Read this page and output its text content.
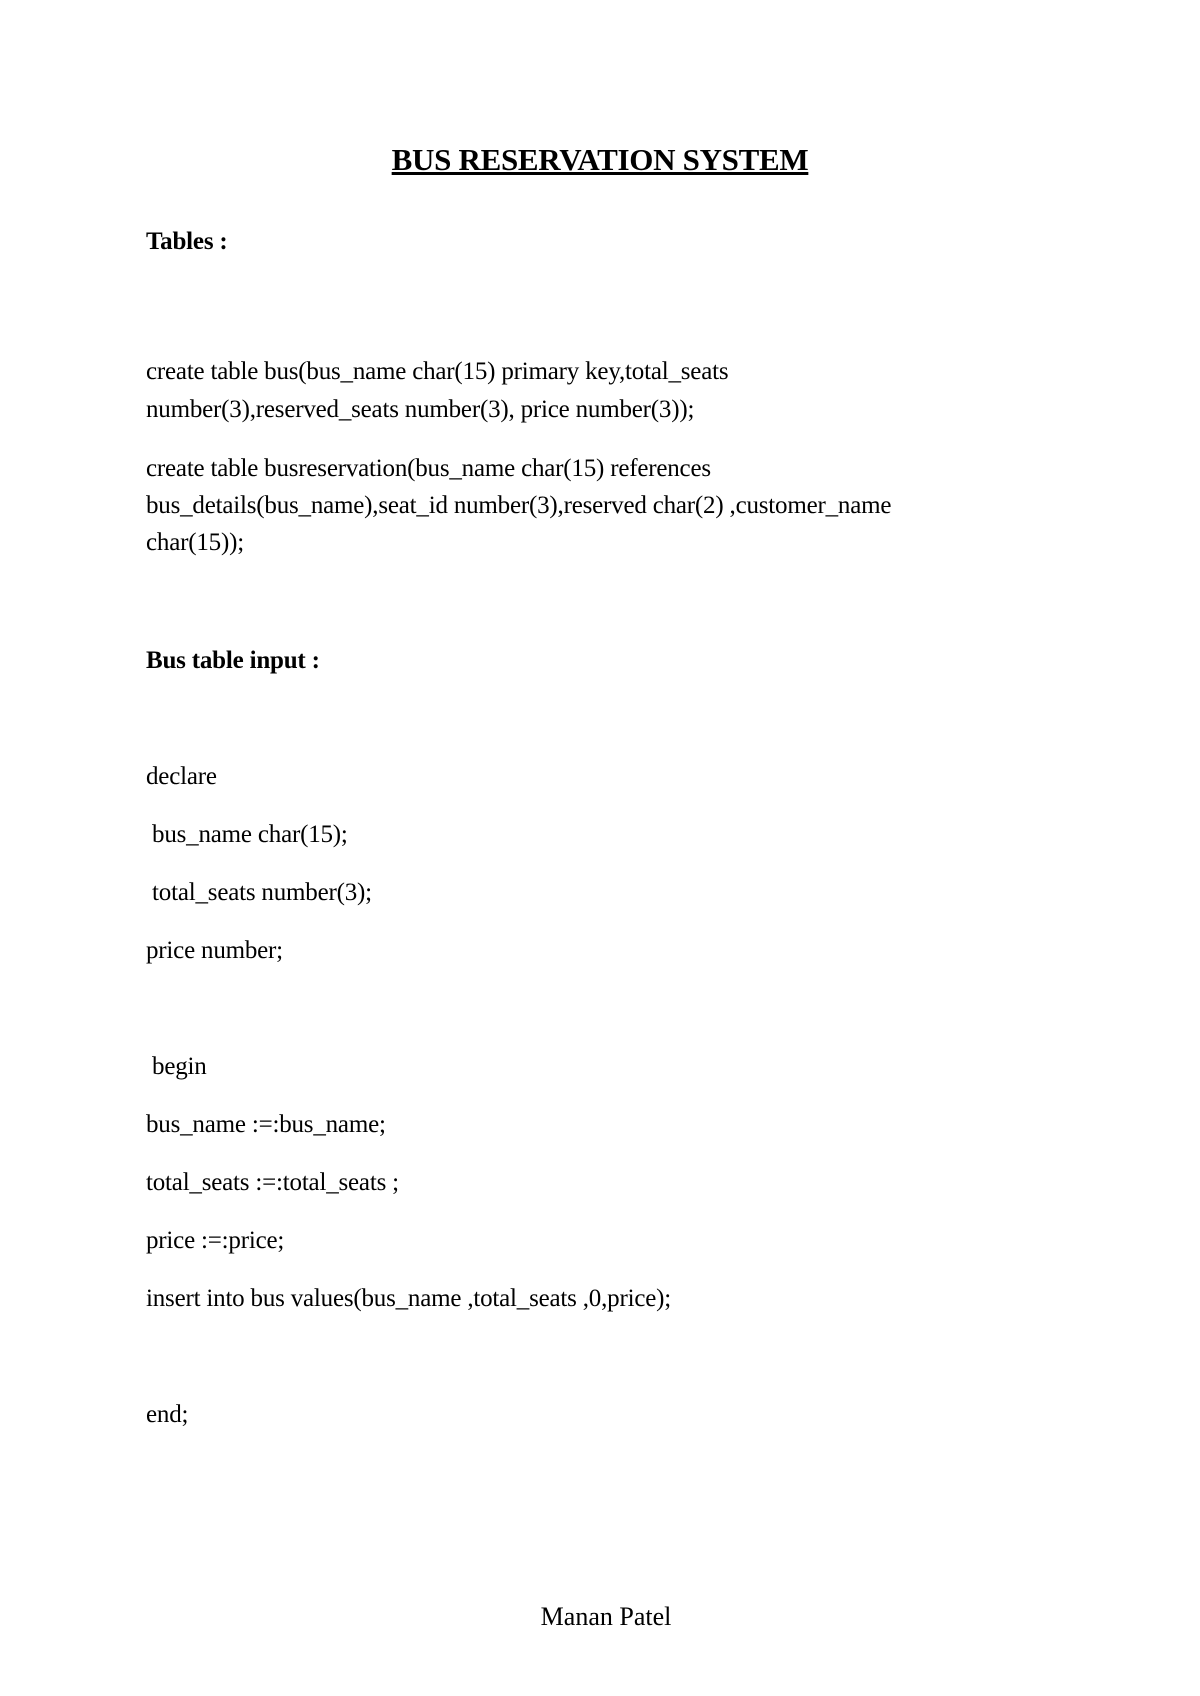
BUS RESERVATION SYSTEM
Tables :
create table bus(bus_name char(15) primary key,total_seats
number(3),reserved_seats number(3), price number(3));
create table busreservation(bus_name char(15) references
bus_details(bus_name),seat_id number(3),reserved char(2) ,customer_name
char(15));
Bus table input :
declare
bus_name char(15);
total_seats number(3);
price number;
begin
bus_name :=:bus_name;
total_seats :=:total_seats ;
price :=:price;
insert into bus values(bus_name ,total_seats ,0,price);
end;
Manan Patel
